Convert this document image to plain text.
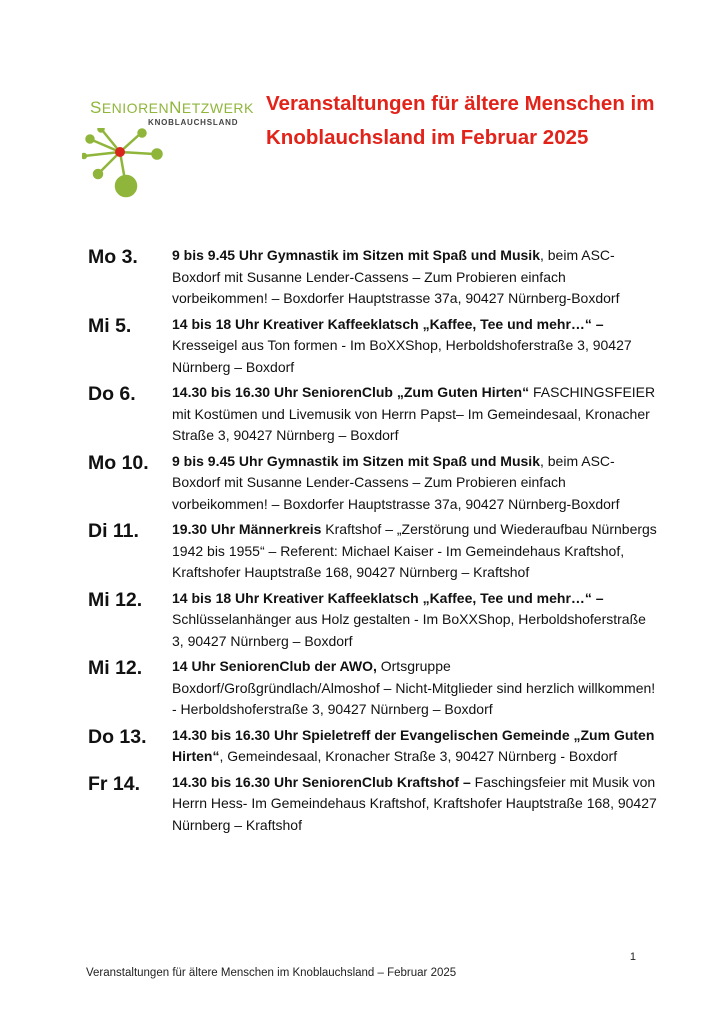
SENIORENNETZWERK
KNOBLAUCHSLAND
Veranstaltungen für ältere Menschen im Knoblauchsland im Februar 2025
Mo 3.	9 bis 9.45 Uhr Gymnastik im Sitzen mit Spaß und Musik, beim ASC-Boxdorf mit Susanne Lender-Cassens – Zum Probieren einfach vorbeikommen! – Boxdorfer Hauptstrasse 37a, 90427 Nürnberg-Boxdorf
Mi 5.	14 bis 18 Uhr Kreativer Kaffeeklatsch „Kaffee, Tee und mehr…“ – Kresseigel aus Ton formen - Im BoXXShop, Herboldshoferstraße 3, 90427 Nürnberg – Boxdorf
Do 6.	14.30 bis 16.30 Uhr SeniorenClub „Zum Guten Hirten“ FASCHINGSFEIER mit Kostümen und Livemusik von Herrn Papst– Im Gemeindesaal, Kronacher Straße 3, 90427 Nürnberg – Boxdorf
Mo 10.	9 bis 9.45 Uhr Gymnastik im Sitzen mit Spaß und Musik, beim ASC-Boxdorf mit Susanne Lender-Cassens – Zum Probieren einfach vorbeikommen! – Boxdorfer Hauptstrasse 37a, 90427 Nürnberg-Boxdorf
Di 11.	19.30 Uhr Männerkreis Kraftshof – „Zerstörung und Wiederaufbau Nürnbergs 1942 bis 1955“ – Referent: Michael Kaiser - Im Gemeindehaus Kraftshof, Kraftshofer Hauptstraße 168, 90427 Nürnberg – Kraftshof
Mi 12.	14 bis 18 Uhr Kreativer Kaffeeklatsch „Kaffee, Tee und mehr…“ – Schlüsselanhänger aus Holz gestalten - Im BoXXShop, Herboldshoferstraße 3, 90427 Nürnberg – Boxdorf
Mi 12.	14 Uhr SeniorenClub der AWO, Ortsgruppe Boxdorf/Großgründlach/Almoshof – Nicht-Mitglieder sind herzlich willkommen! - Herboldshoferstraße 3, 90427 Nürnberg – Boxdorf
Do 13.	14.30 bis 16.30 Uhr Spieletreff der Evangelischen Gemeinde „Zum Guten Hirten“, Gemeindesaal, Kronacher Straße 3, 90427 Nürnberg - Boxdorf
Fr 14.	14.30 bis 16.30 Uhr SeniorenClub Kraftshof – Faschingsfeier mit Musik von Herrn Hess- Im Gemeindehaus Kraftshof, Kraftshofer Hauptstraße 168, 90427 Nürnberg – Kraftshof
1
Veranstaltungen für ältere Menschen im Knoblauchsland – Februar 2025
